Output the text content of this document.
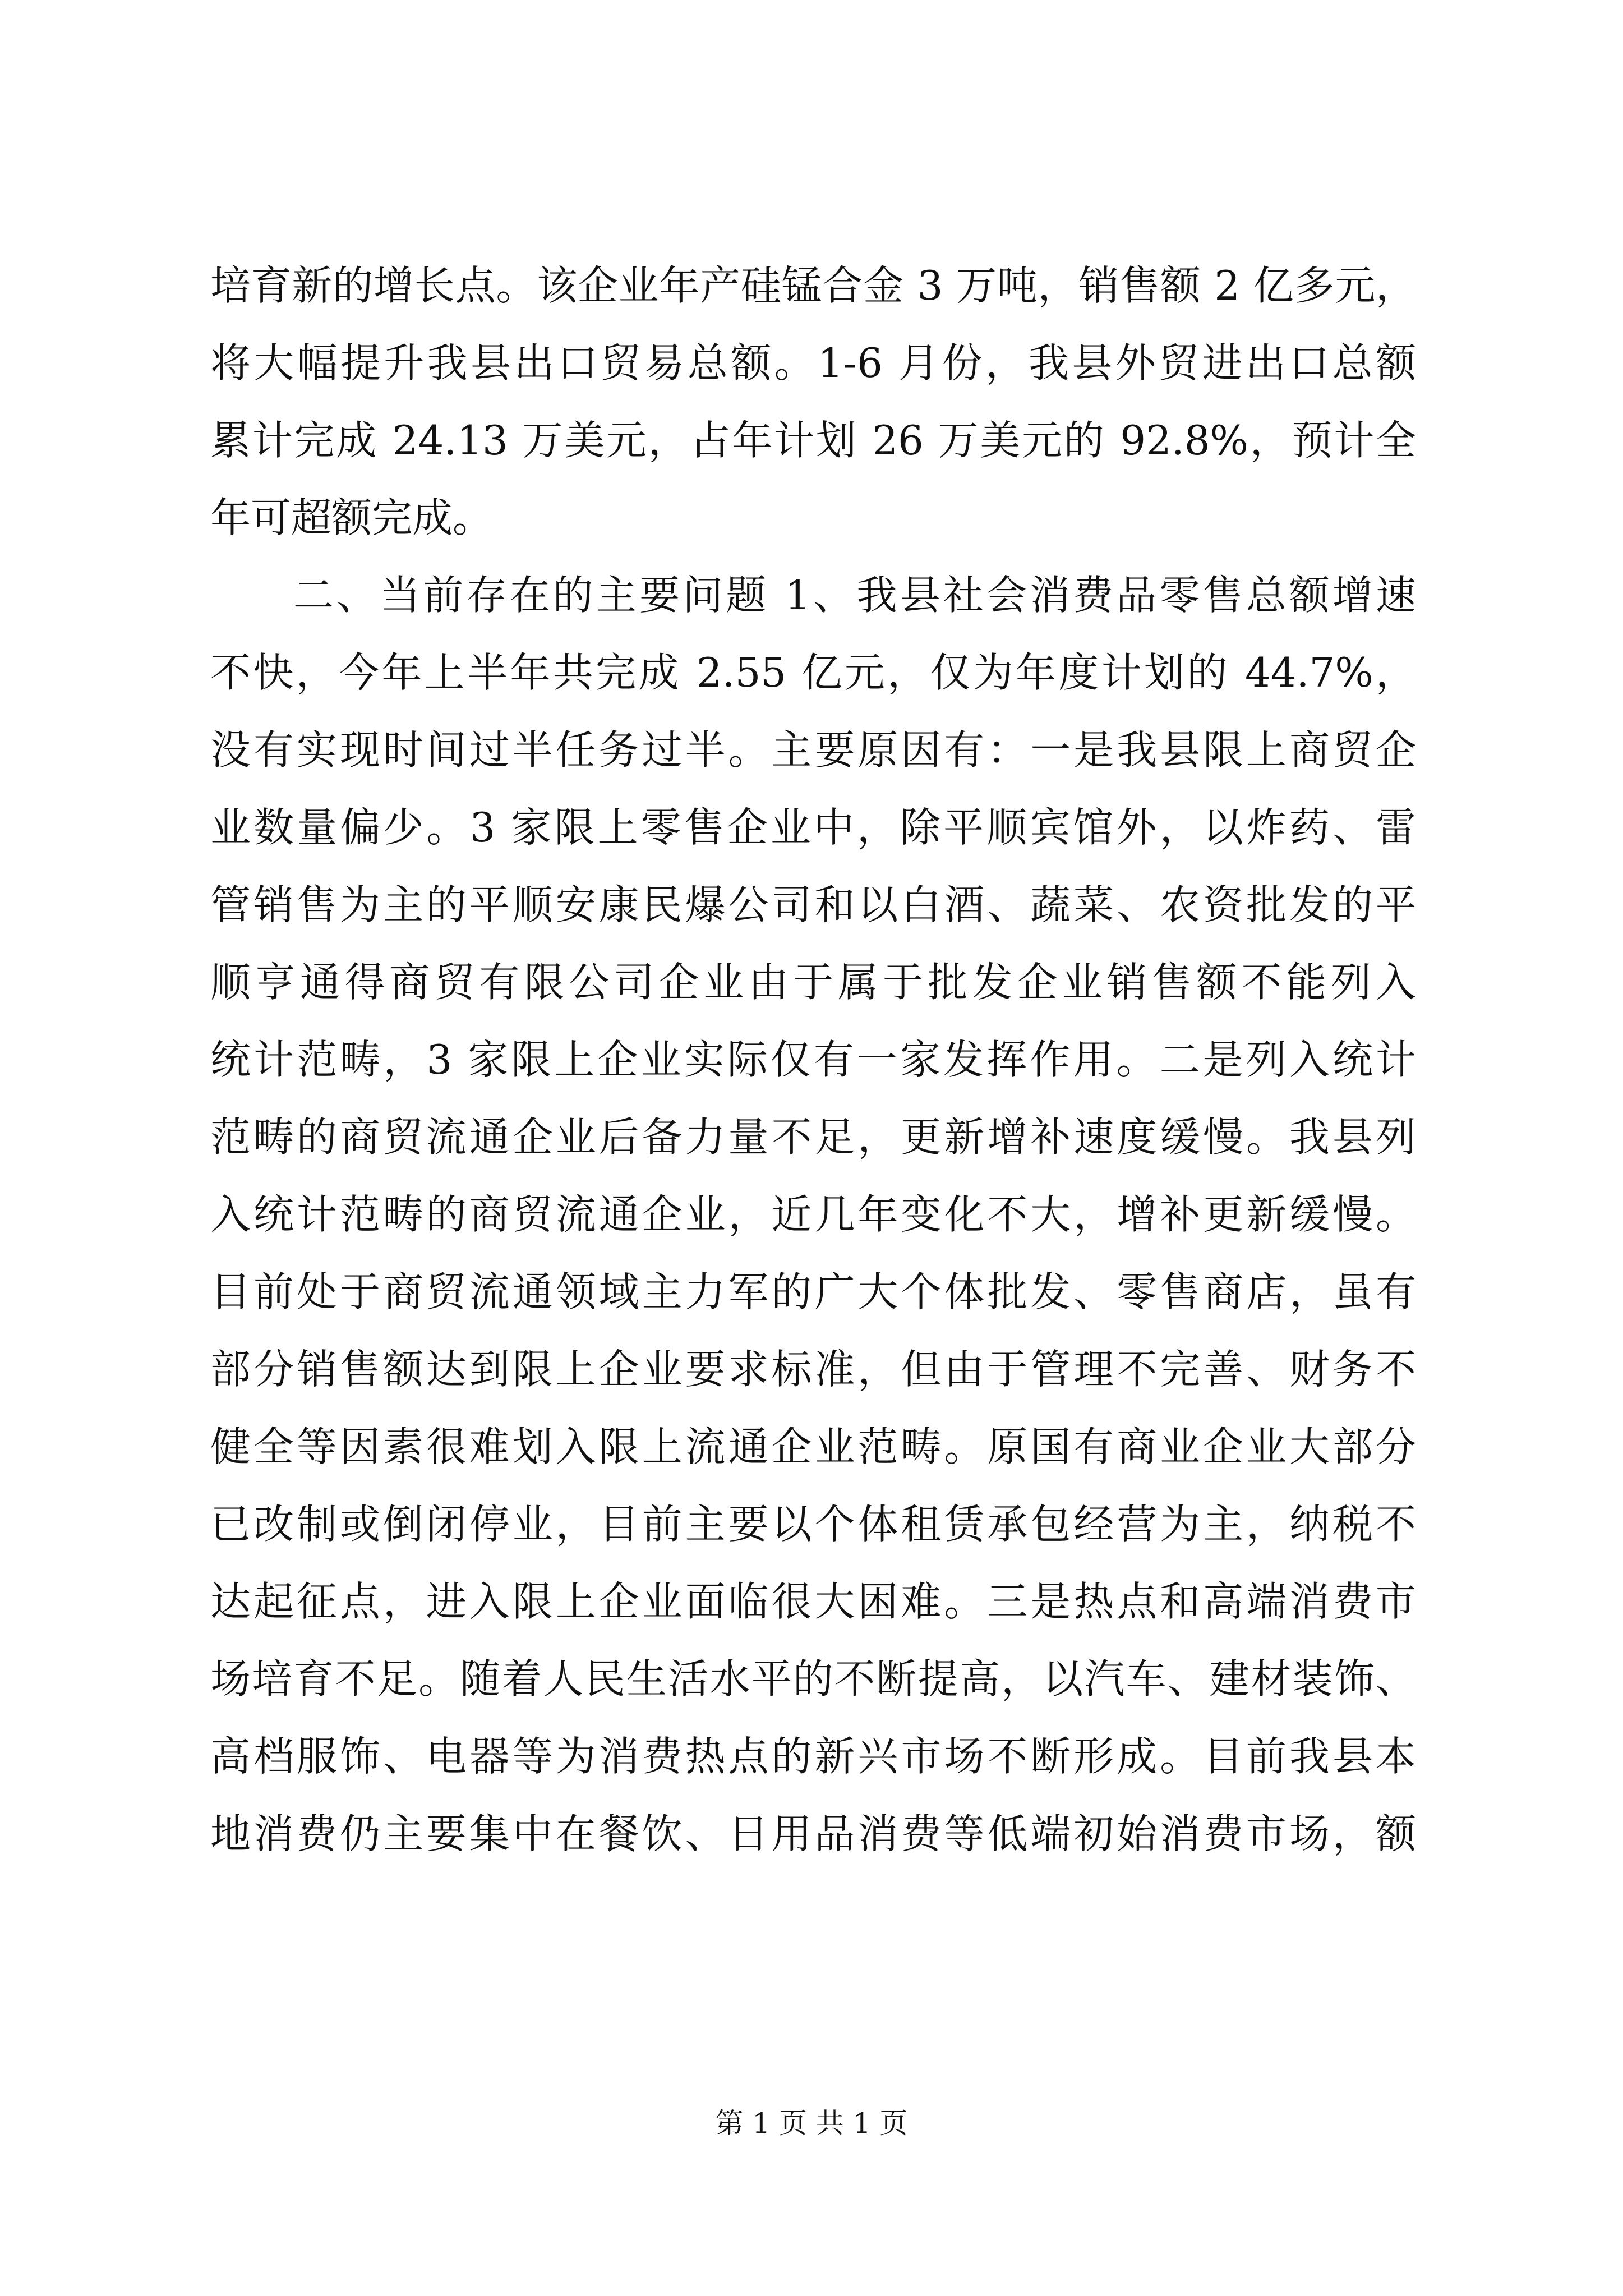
培育新的增长点。该企业年产硅锰合金 3 万吨，销售额 2 亿多元，
将大幅提升我县出口贸易总额。1-6 月份，我县外贸进出口总额
累计完成 24.13 万美元，占年计划 26 万美元的 92.8%，预计全
年可超额完成。
二、当前存在的主要问题 1、我县社会消费品零售总额增速
不快，今年上半年共完成 2.55 亿元，仅为年度计划的 44.7%，
没有实现时间过半任务过半。主要原因有：一是我县限上商贸企
业数量偏少。3 家限上零售企业中，除平顺宾馆外，以炸药、雷
管销售为主的平顺安康民爆公司和以白酒、蔬菜、农资批发的平
顺亨通得商贸有限公司企业由于属于批发企业销售额不能列入
统计范畴，3 家限上企业实际仅有一家发挥作用。二是列入统计
范畴的商贸流通企业后备力量不足，更新增补速度缓慢。我县列
入统计范畴的商贸流通企业，近几年变化不大，增补更新缓慢。
目前处于商贸流通领域主力军的广大个体批发、零售商店，虽有
部分销售额达到限上企业要求标准，但由于管理不完善、财务不
健全等因素很难划入限上流通企业范畴。原国有商业企业大部分
已改制或倒闭停业，目前主要以个体租赁承包经营为主，纳税不
达起征点，进入限上企业面临很大困难。三是热点和高端消费市
场培育不足。随着人民生活水平的不断提高，以汽车、建材装饰、
高档服饰、电器等为消费热点的新兴市场不断形成。目前我县本
地消费仍主要集中在餐饮、日用品消费等低端初始消费市场，额
第 1 页 共 1 页
